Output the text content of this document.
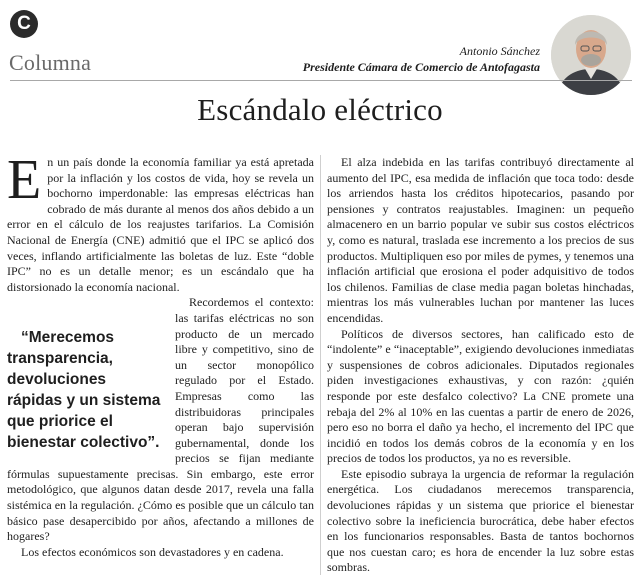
C
Columna	Antonio Sánchez
Presidente Cámara de Comercio de Antofagasta
Escándalo eléctrico

En un país donde la economía familiar ya está apretada por la inflación y los costos de vida, hoy se revela un bochorno imperdonable: las empresas eléctricas han cobrado de más durante al menos dos años debido a un error en el cálculo de los reajustes tarifarios. La Comisión Nacional de Energía (CNE) admitió que el IPC se aplicó dos veces, inflando artificialmente las boletas de luz. Este “doble IPC” no es un detalle menor; es un escándalo que ha distorsionado la economía nacional.

“Merecemos transparencia, devoluciones rápidas y un sistema que priorice el bienestar colectivo”.
Recordemos el contexto: las tarifas eléctricas no son producto de un mercado libre y competitivo, sino de un sector monopólico regulado por el Estado. Empresas como las distribuidoras principales operan bajo supervisión gubernamental, donde los precios se fijan mediante fórmulas supuestamente precisas. Sin embargo, este error metodológico, que algunos datan desde 2017, revela una falla sistémica en la regulación. ¿Cómo es posible que un cálculo tan básico pase desapercibido por años, afectando a millones de hogares?

Los efectos económicos son devastadores y en cadena.

El alza indebida en las tarifas contribuyó directamente al aumento del IPC, esa medida de inflación que toca todo: desde los arriendos hasta los créditos hipotecarios, pasando por pensiones y contratos reajustables. Imaginen: un pequeño almacenero en un barrio popular ve subir sus costos eléctricos y, como es natural, traslada ese incremento a los precios de sus productos. Multipliquen eso por miles de pymes, y tenemos una inflación artificial que erosiona el poder adquisitivo de todos los chilenos. Familias de clase media pagan boletas hinchadas, mientras los más vulnerables luchan por mantener las luces encendidas.

Políticos de diversos sectores, han calificado esto de “indolente” e “inaceptable”, exigiendo devoluciones inmediatas y suspensiones de cobros adicionales. Diputados regionales piden investigaciones exhaustivas, y con razón: ¿quién responde por este desfalco colectivo? La CNE promete una rebaja del 2% al 10% en las cuentas a partir de enero de 2026, pero eso no borra el daño ya hecho, el incremento del IPC que incidió en todos los demás cobros de la economía y en los precios de todos los productos, ya no es reversible.

Este episodio subraya la urgencia de reformar la regulación energética. Los ciudadanos merecemos transparencia, devoluciones rápidas y un sistema que priorice el bienestar colectivo sobre la ineficiencia burocrática, debe haber efectos en los funcionarios responsables. Basta de tantos bochornos que nos cuestan caro; es hora de encender la luz sobre estas sombras.
